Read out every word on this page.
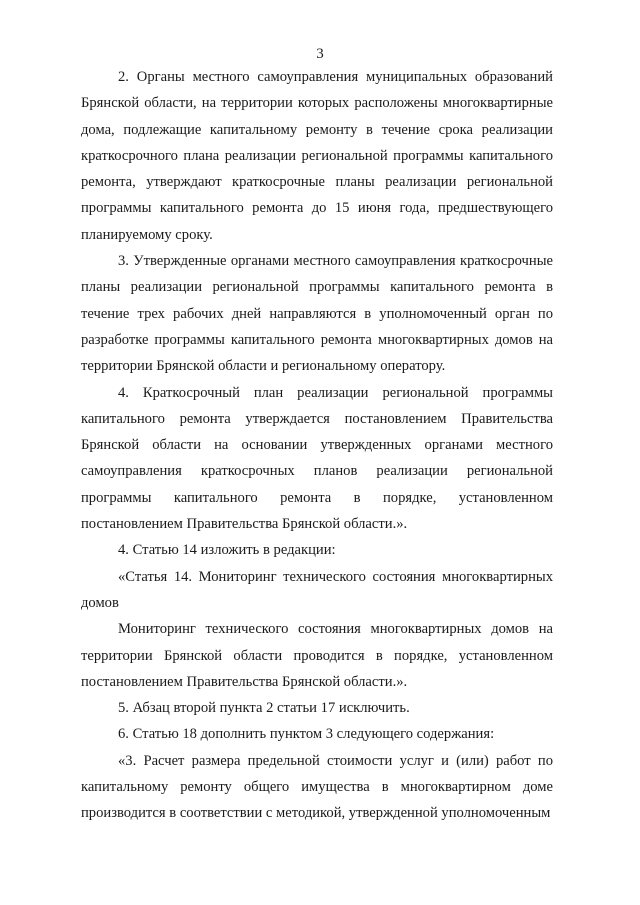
3

2. Органы местного самоуправления муниципальных образований Брянской области, на территории которых расположены многоквартирные дома, подлежащие капитальному ремонту в течение срока реализации краткосрочного плана реализации региональной программы капитального ремонта, утверждают краткосрочные планы реализации региональной программы капитального ремонта до 15 июня года, предшествующего планируемому сроку.

3. Утвержденные органами местного самоуправления краткосрочные планы реализации региональной программы капитального ремонта в течение трех рабочих дней направляются в уполномоченный орган по разработке программы капитального ремонта многоквартирных домов на территории Брянской области и региональному оператору.

4. Краткосрочный план реализации региональной программы капитального ремонта утверждается постановлением Правительства Брянской области на основании утвержденных органами местного самоуправления краткосрочных планов реализации региональной программы капитального ремонта в порядке, установленном постановлением Правительства Брянской области.».

4. Статью 14 изложить в редакции:

«Статья 14. Мониторинг технического состояния многоквартирных домов

Мониторинг технического состояния многоквартирных домов на территории Брянской области проводится в порядке, установленном постановлением Правительства Брянской области.».

5. Абзац второй пункта 2 статьи 17 исключить.

6. Статью 18 дополнить пунктом 3 следующего содержания:

«3. Расчет размера предельной стоимости услуг и (или) работ по капитальному ремонту общего имущества в многоквартирном доме производится в соответствии с методикой, утвержденной уполномоченным
